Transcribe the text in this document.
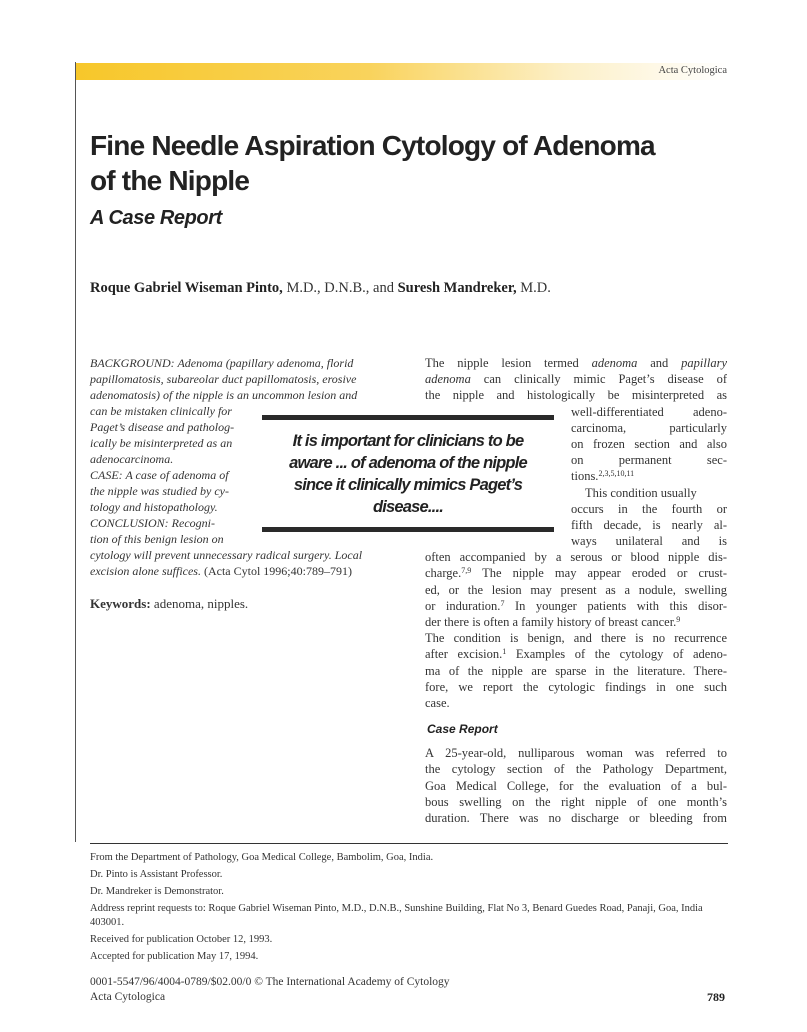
Acta Cytologica
Fine Needle Aspiration Cytology of Adenoma
of the Nipple
A Case Report
Roque Gabriel Wiseman Pinto, M.D., D.N.B., and Suresh Mandreker, M.D.
BACKGROUND: Adenoma (papillary adenoma, florid
papillomatosis, subareolar duct papillomatosis, erosive
adenomatosis) of the nipple is an uncommon lesion and
can be mistaken clinically for
Paget’s disease and patholog-
ically be misinterpreted as an
adenocarcinoma.
CASE: A case of adenoma of
the nipple was studied by cy-
tology and histopathology.
CONCLUSION: Recogni-
tion of this benign lesion on
cytology will prevent unnecessary radical surgery. Local
excision alone suffices. (Acta Cytol 1996;40:789–791)
Keywords: adenoma, nipples.
It is important for clinicians to be aware ... of adenoma of the nipple since it clinically mimics Paget’s disease....
The nipple lesion termed adenoma and papillary
adenoma can clinically mimic Paget’s disease of
the nipple and histologically be misinterpreted as
well-differentiated adeno-
carcinoma, particularly
on frozen section and also
on permanent sec-
tions.$^{2,3,5,10,11}$
This condition usually
occurs in the fourth or
fifth decade, is nearly al-
ways unilateral and is
often accompanied by a serous or blood nipple dis-
charge.$^{7,9}$ The nipple may appear eroded or crust-
ed, or the lesion may present as a nodule, swelling
or induration.$^7$ In younger patients with this disor-
der there is often a family history of breast cancer.$^9$
The condition is benign, and there is no recurrence
after excision.$^1$ Examples of the cytology of adeno-
ma of the nipple are sparse in the literature. There-
fore, we report the cytologic findings in one such
case.
Case Report
A 25-year-old, nulliparous woman was referred to
the cytology section of the Pathology Department,
Goa Medical College, for the evaluation of a bul-
bous swelling on the right nipple of one month’s
duration. There was no discharge or bleeding from
From the Department of Pathology, Goa Medical College, Bambolim, Goa, India.
Dr. Pinto is Assistant Professor.
Dr. Mandreker is Demonstrator.
Address reprint requests to: Roque Gabriel Wiseman Pinto, M.D., D.N.B., Sunshine Building, Flat No 3, Benard Guedes Road, Panaji, Goa, India 403001.
Received for publication October 12, 1993.
Accepted for publication May 17, 1994.
0001-5547/96/4004-0789/$02.00/0 © The International Academy of Cytology
Acta Cytologica	789
